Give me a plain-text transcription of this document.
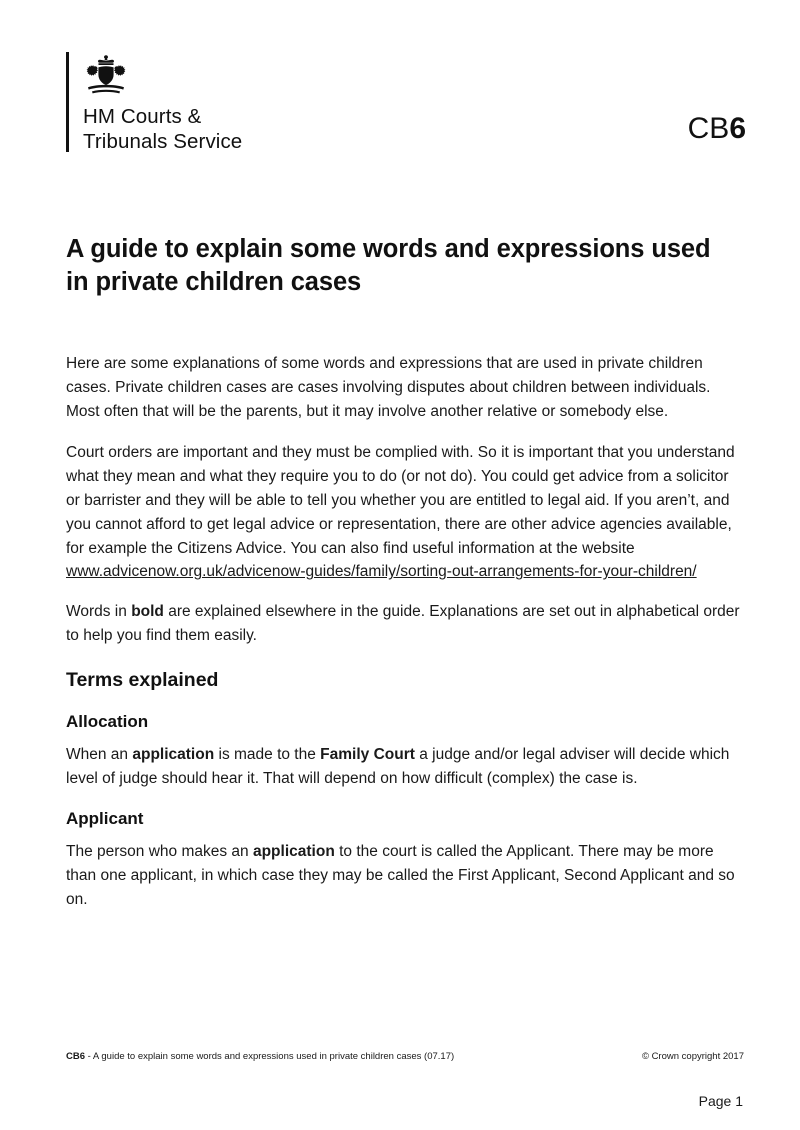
HM Courts &
Tribunals Service	CB6
A guide to explain some words and expressions used in private children cases

Here are some explanations of some words and expressions that are used in private children cases. Private children cases are cases involving disputes about children between individuals. Most often that will be the parents, but it may involve another relative or somebody else.

Court orders are important and they must be complied with. So it is important that you understand what they mean and what they require you to do (or not do). You could get advice from a solicitor or barrister and they will be able to tell you whether you are entitled to legal aid. If you aren’t, and you cannot afford to get legal advice or representation, there are other advice agencies available, for example the Citizens Advice. You can also find useful information at the website www.advicenow.org.uk/advicenow-guides/family/sorting-out-arrangements-for-your-children/

Words in bold are explained elsewhere in the guide. Explanations are set out in alphabetical order to help you find them easily.

Terms explained
Allocation

When an application is made to the Family Court a judge and/or legal adviser will decide which level of judge should hear it. That will depend on how difficult (complex) the case is.

Applicant

The person who makes an application to the court is called the Applicant. There may be more than one applicant, in which case they may be called the First Applicant, Second Applicant and so on.

CB6 - A guide to explain some words and expressions used in private children cases (07.17)	© Crown copyright 2017
Page 1
